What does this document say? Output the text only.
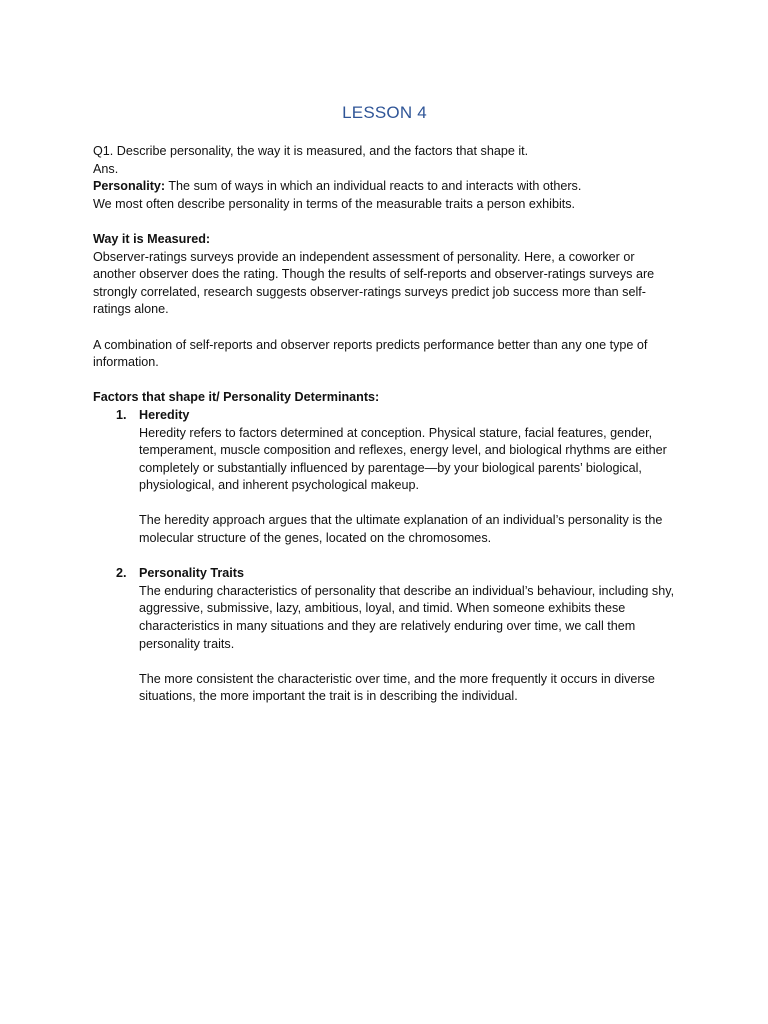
LESSON 4

Q1. Describe personality, the way it is measured, and the factors that shape it.

Ans.

Personality: The sum of ways in which an individual reacts to and interacts with others.

We most often describe personality in terms of the measurable traits a person exhibits.

Way it is Measured:

Observer-ratings surveys provide an independent assessment of personality. Here, a coworker or another observer does the rating. Though the results of self-reports and observer-ratings surveys are strongly correlated, research suggests observer-ratings surveys predict job success more than self-ratings alone.

A combination of self-reports and observer reports predicts performance better than any one type of information.

Factors that shape it/ Personality Determinants:

1. Heredity

Heredity refers to factors determined at conception. Physical stature, facial features, gender, temperament, muscle composition and reflexes, energy level, and biological rhythms are either completely or substantially influenced by parentage—by your biological parents’ biological, physiological, and inherent psychological makeup.

The heredity approach argues that the ultimate explanation of an individual’s personality is the molecular structure of the genes, located on the chromosomes.

2. Personality Traits

The enduring characteristics of personality that describe an individual’s behaviour, including shy, aggressive, submissive, lazy, ambitious, loyal, and timid. When someone exhibits these characteristics in many situations and they are relatively enduring over time, we call them personality traits.

The more consistent the characteristic over time, and the more frequently it occurs in diverse situations, the more important the trait is in describing the individual.
